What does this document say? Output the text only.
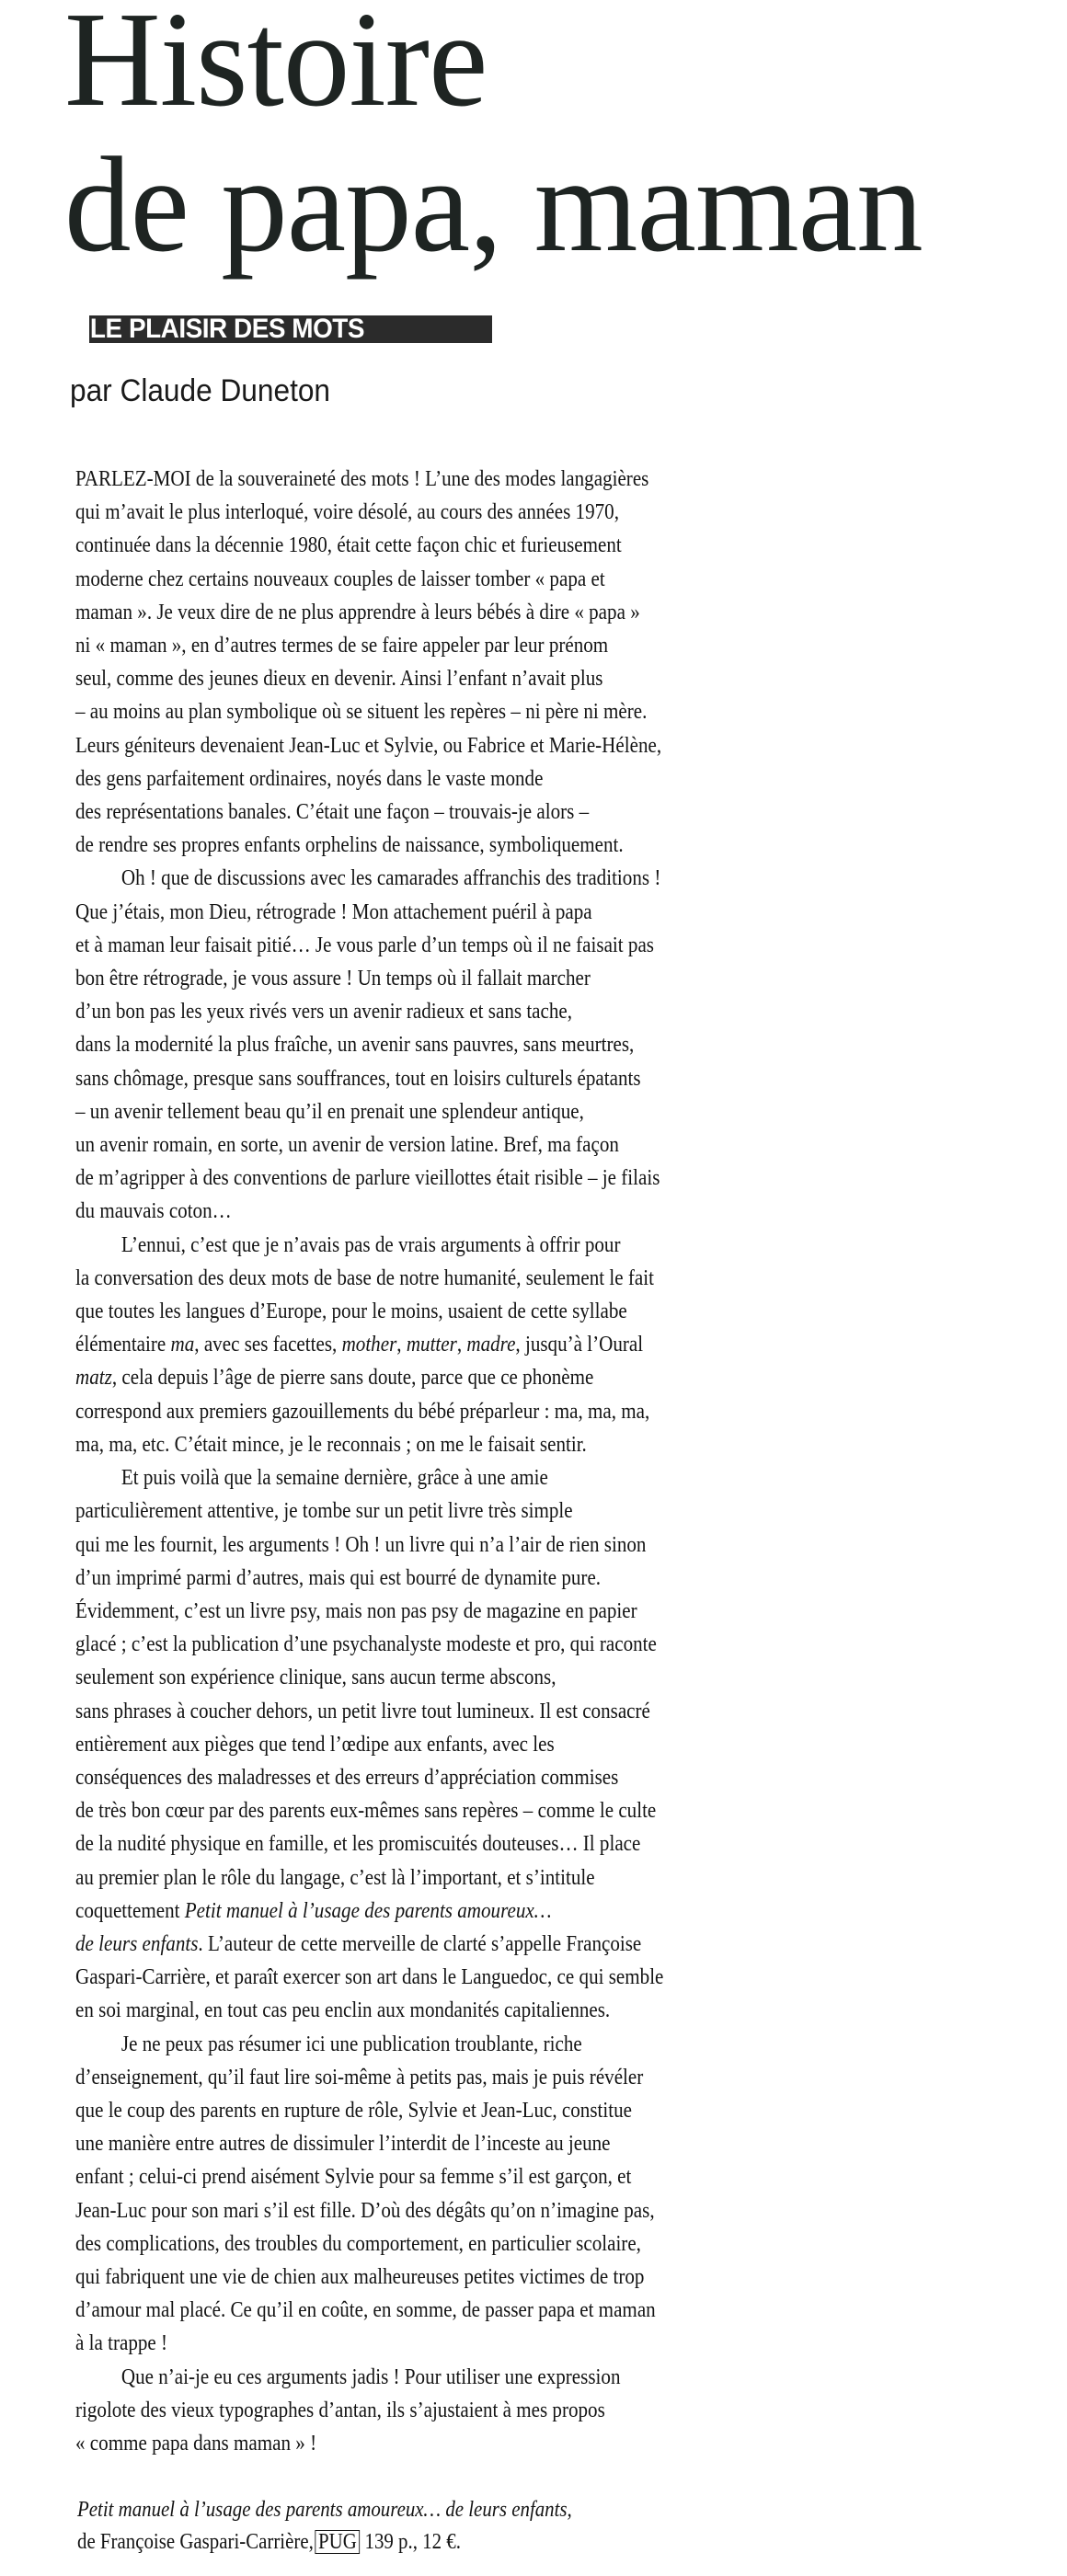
Histoire
de papa, maman
LE PLAISIR DES MOTS

par Claude Duneton

PARLEZ-MOI de la souveraineté des mots ! L’une des modes langagières
qui m’avait le plus interloqué, voire désolé, au cours des années 1970,
continuée dans la décennie 1980, était cette façon chic et furieusement
moderne chez certains nouveaux couples de laisser tomber « papa et
maman ». Je veux dire de ne plus apprendre à leurs bébés à dire « papa »
ni « maman », en d’autres termes de se faire appeler par leur prénom
seul, comme des jeunes dieux en devenir. Ainsi l’enfant n’avait plus
– au moins au plan symbolique où se situent les repères – ni père ni mère.
Leurs géniteurs devenaient Jean-Luc et Sylvie, ou Fabrice et Marie-Hélène,
des gens parfaitement ordinaires, noyés dans le vaste monde
des représentations banales. C’était une façon – trouvais-je alors –
de rendre ses propres enfants orphelins de naissance, symboliquement.
Oh ! que de discussions avec les camarades affranchis des traditions !
Que j’étais, mon Dieu, rétrograde ! Mon attachement puéril à papa
et à maman leur faisait pitié… Je vous parle d’un temps où il ne faisait pas
bon être rétrograde, je vous assure ! Un temps où il fallait marcher
d’un bon pas les yeux rivés vers un avenir radieux et sans tache,
dans la modernité la plus fraîche, un avenir sans pauvres, sans meurtres,
sans chômage, presque sans souffrances, tout en loisirs culturels épatants
– un avenir tellement beau qu’il en prenait une splendeur antique,
un avenir romain, en sorte, un avenir de version latine. Bref, ma façon
de m’agripper à des conventions de parlure vieillottes était risible – je filais
du mauvais coton…
L’ennui, c’est que je n’avais pas de vrais arguments à offrir pour
la conversation des deux mots de base de notre humanité, seulement le fait
que toutes les langues d’Europe, pour le moins, usaient de cette syllabe
élémentaire ma, avec ses facettes, mother, mutter, madre, jusqu’à l’Oural
matz, cela depuis l’âge de pierre sans doute, parce que ce phonème
correspond aux premiers gazouillements du bébé préparleur : ma, ma, ma,
ma, ma, etc. C’était mince, je le reconnais ; on me le faisait sentir.
Et puis voilà que la semaine dernière, grâce à une amie
particulièrement attentive, je tombe sur un petit livre très simple
qui me les fournit, les arguments ! Oh ! un livre qui n’a l’air de rien sinon
d’un imprimé parmi d’autres, mais qui est bourré de dynamite pure.
Évidemment, c’est un livre psy, mais non pas psy de magazine en papier
glacé ; c’est la publication d’une psychanalyste modeste et pro, qui raconte
seulement son expérience clinique, sans aucun terme abscons,
sans phrases à coucher dehors, un petit livre tout lumineux. Il est consacré
entièrement aux pièges que tend l’œdipe aux enfants, avec les
conséquences des maladresses et des erreurs d’appréciation commises
de très bon cœur par des parents eux-mêmes sans repères – comme le culte
de la nudité physique en famille, et les promiscuités douteuses… Il place
au premier plan le rôle du langage, c’est là l’important, et s’intitule
coquettement Petit manuel à l’usage des parents amoureux…
de leurs enfants. L’auteur de cette merveille de clarté s’appelle Françoise
Gaspari-Carrière, et paraît exercer son art dans le Languedoc, ce qui semble
en soi marginal, en tout cas peu enclin aux mondanités capitaliennes.
Je ne peux pas résumer ici une publication troublante, riche
d’enseignement, qu’il faut lire soi-même à petits pas, mais je puis révéler
que le coup des parents en rupture de rôle, Sylvie et Jean-Luc, constitue
une manière entre autres de dissimuler l’interdit de l’inceste au jeune
enfant ; celui-ci prend aisément Sylvie pour sa femme s’il est garçon, et
Jean-Luc pour son mari s’il est fille. D’où des dégâts qu’on n’imagine pas,
des complications, des troubles du comportement, en particulier scolaire,
qui fabriquent une vie de chien aux malheureuses petites victimes de trop
d’amour mal placé. Ce qu’il en coûte, en somme, de passer papa et maman
à la trappe !
Que n’ai-je eu ces arguments jadis ! Pour utiliser une expression
rigolote des vieux typographes d’antan, ils s’ajustaient à mes propos
« comme papa dans maman » !
Petit manuel à l’usage des parents amoureux… de leurs enfants,
de Françoise Gaspari-Carrière, PUG 139 p., 12 €.
